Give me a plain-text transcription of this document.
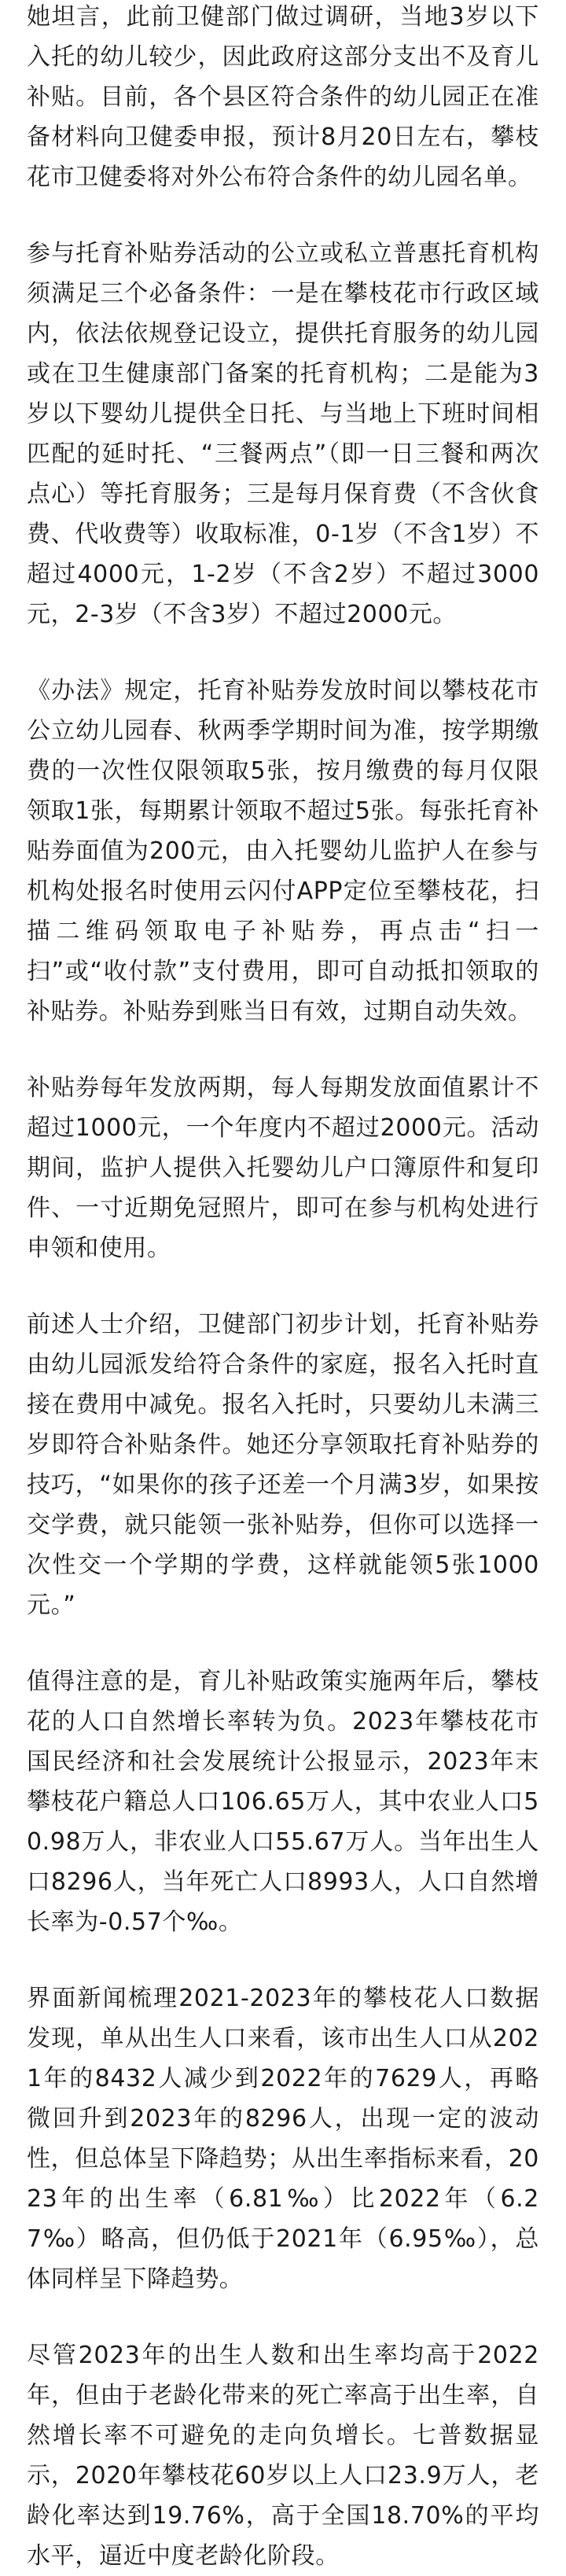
她坦言，此前卫健部门做过调研，当地3岁以下入托的幼儿较少，因此政府这部分支出不及育儿补贴。目前，各个县区符合条件的幼儿园正在准备材料向卫健委申报，预计8月20日左右，攀枝花市卫健委将对外公布符合条件的幼儿园名单。

参与托育补贴券活动的公立或私立普惠托育机构须满足三个必备条件：一是在攀枝花市行政区域内，依法依规登记设立，提供托育服务的幼儿园或在卫生健康部门备案的托育机构；二是能为3岁以下婴幼儿提供全日托、与当地上下班时间相匹配的延时托、“三餐两点”（即一日三餐和两次点心）等托育服务；三是每月保育费（不含伙食费、代收费等）收取标准，0-1岁（不含1岁）不超过4000元，1-2岁（不含2岁）不超过3000元，2-3岁（不含3岁）不超过2000元。

《办法》规定，托育补贴券发放时间以攀枝花市公立幼儿园春、秋两季学期时间为准，按学期缴费的一次性仅限领取5张，按月缴费的每月仅限领取1张，每期累计领取不超过5张。每张托育补贴券面值为200元，由入托婴幼儿监护人在参与机构处报名时使用云闪付APP定位至攀枝花，扫描二维码领取电子补贴券，再点击“扫一扫”或“收付款”支付费用，即可自动抵扣领取的补贴券。补贴券到账当日有效，过期自动失效。

补贴券每年发放两期，每人每期发放面值累计不超过1000元，一个年度内不超过2000元。活动期间，监护人提供入托婴幼儿户口簿原件和复印件、一寸近期免冠照片，即可在参与机构处进行申领和使用。

前述人士介绍，卫健部门初步计划，托育补贴券由幼儿园派发给符合条件的家庭，报名入托时直接在费用中减免。报名入托时，只要幼儿未满三岁即符合补贴条件。她还分享领取托育补贴券的技巧，“如果你的孩子还差一个月满3岁，如果按交学费，就只能领一张补贴券，但你可以选择一次性交一个学期的学费，这样就能领5张1000元。”

值得注意的是，育儿补贴政策实施两年后，攀枝花的人口自然增长率转为负。2023年攀枝花市国民经济和社会发展统计公报显示，2023年末攀枝花户籍总人口106.65万人，其中农业人口50.98万人，非农业人口55.67万人。当年出生人口8296人，当年死亡人口8993人，人口自然增长率为-0.57个‰。

界面新闻梳理2021-2023年的攀枝花人口数据发现，单从出生人口来看，该市出生人口从2021年的8432人减少到2022年的7629人，再略微回升到2023年的8296人，出现一定的波动性，但总体呈下降趋势；从出生率指标来看，2023年的出生率（6.81‰）比2022年（6.27‰）略高，但仍低于2021年（6.95‰），总体同样呈下降趋势。

尽管2023年的出生人数和出生率均高于2022年，但由于老龄化带来的死亡率高于出生率，自然增长率不可避免的走向负增长。七普数据显示，2020年攀枝花60岁以上人口23.9万人，老龄化率达到19.76%，高于全国18.70%的平均水平，逼近中度老龄化阶段。
